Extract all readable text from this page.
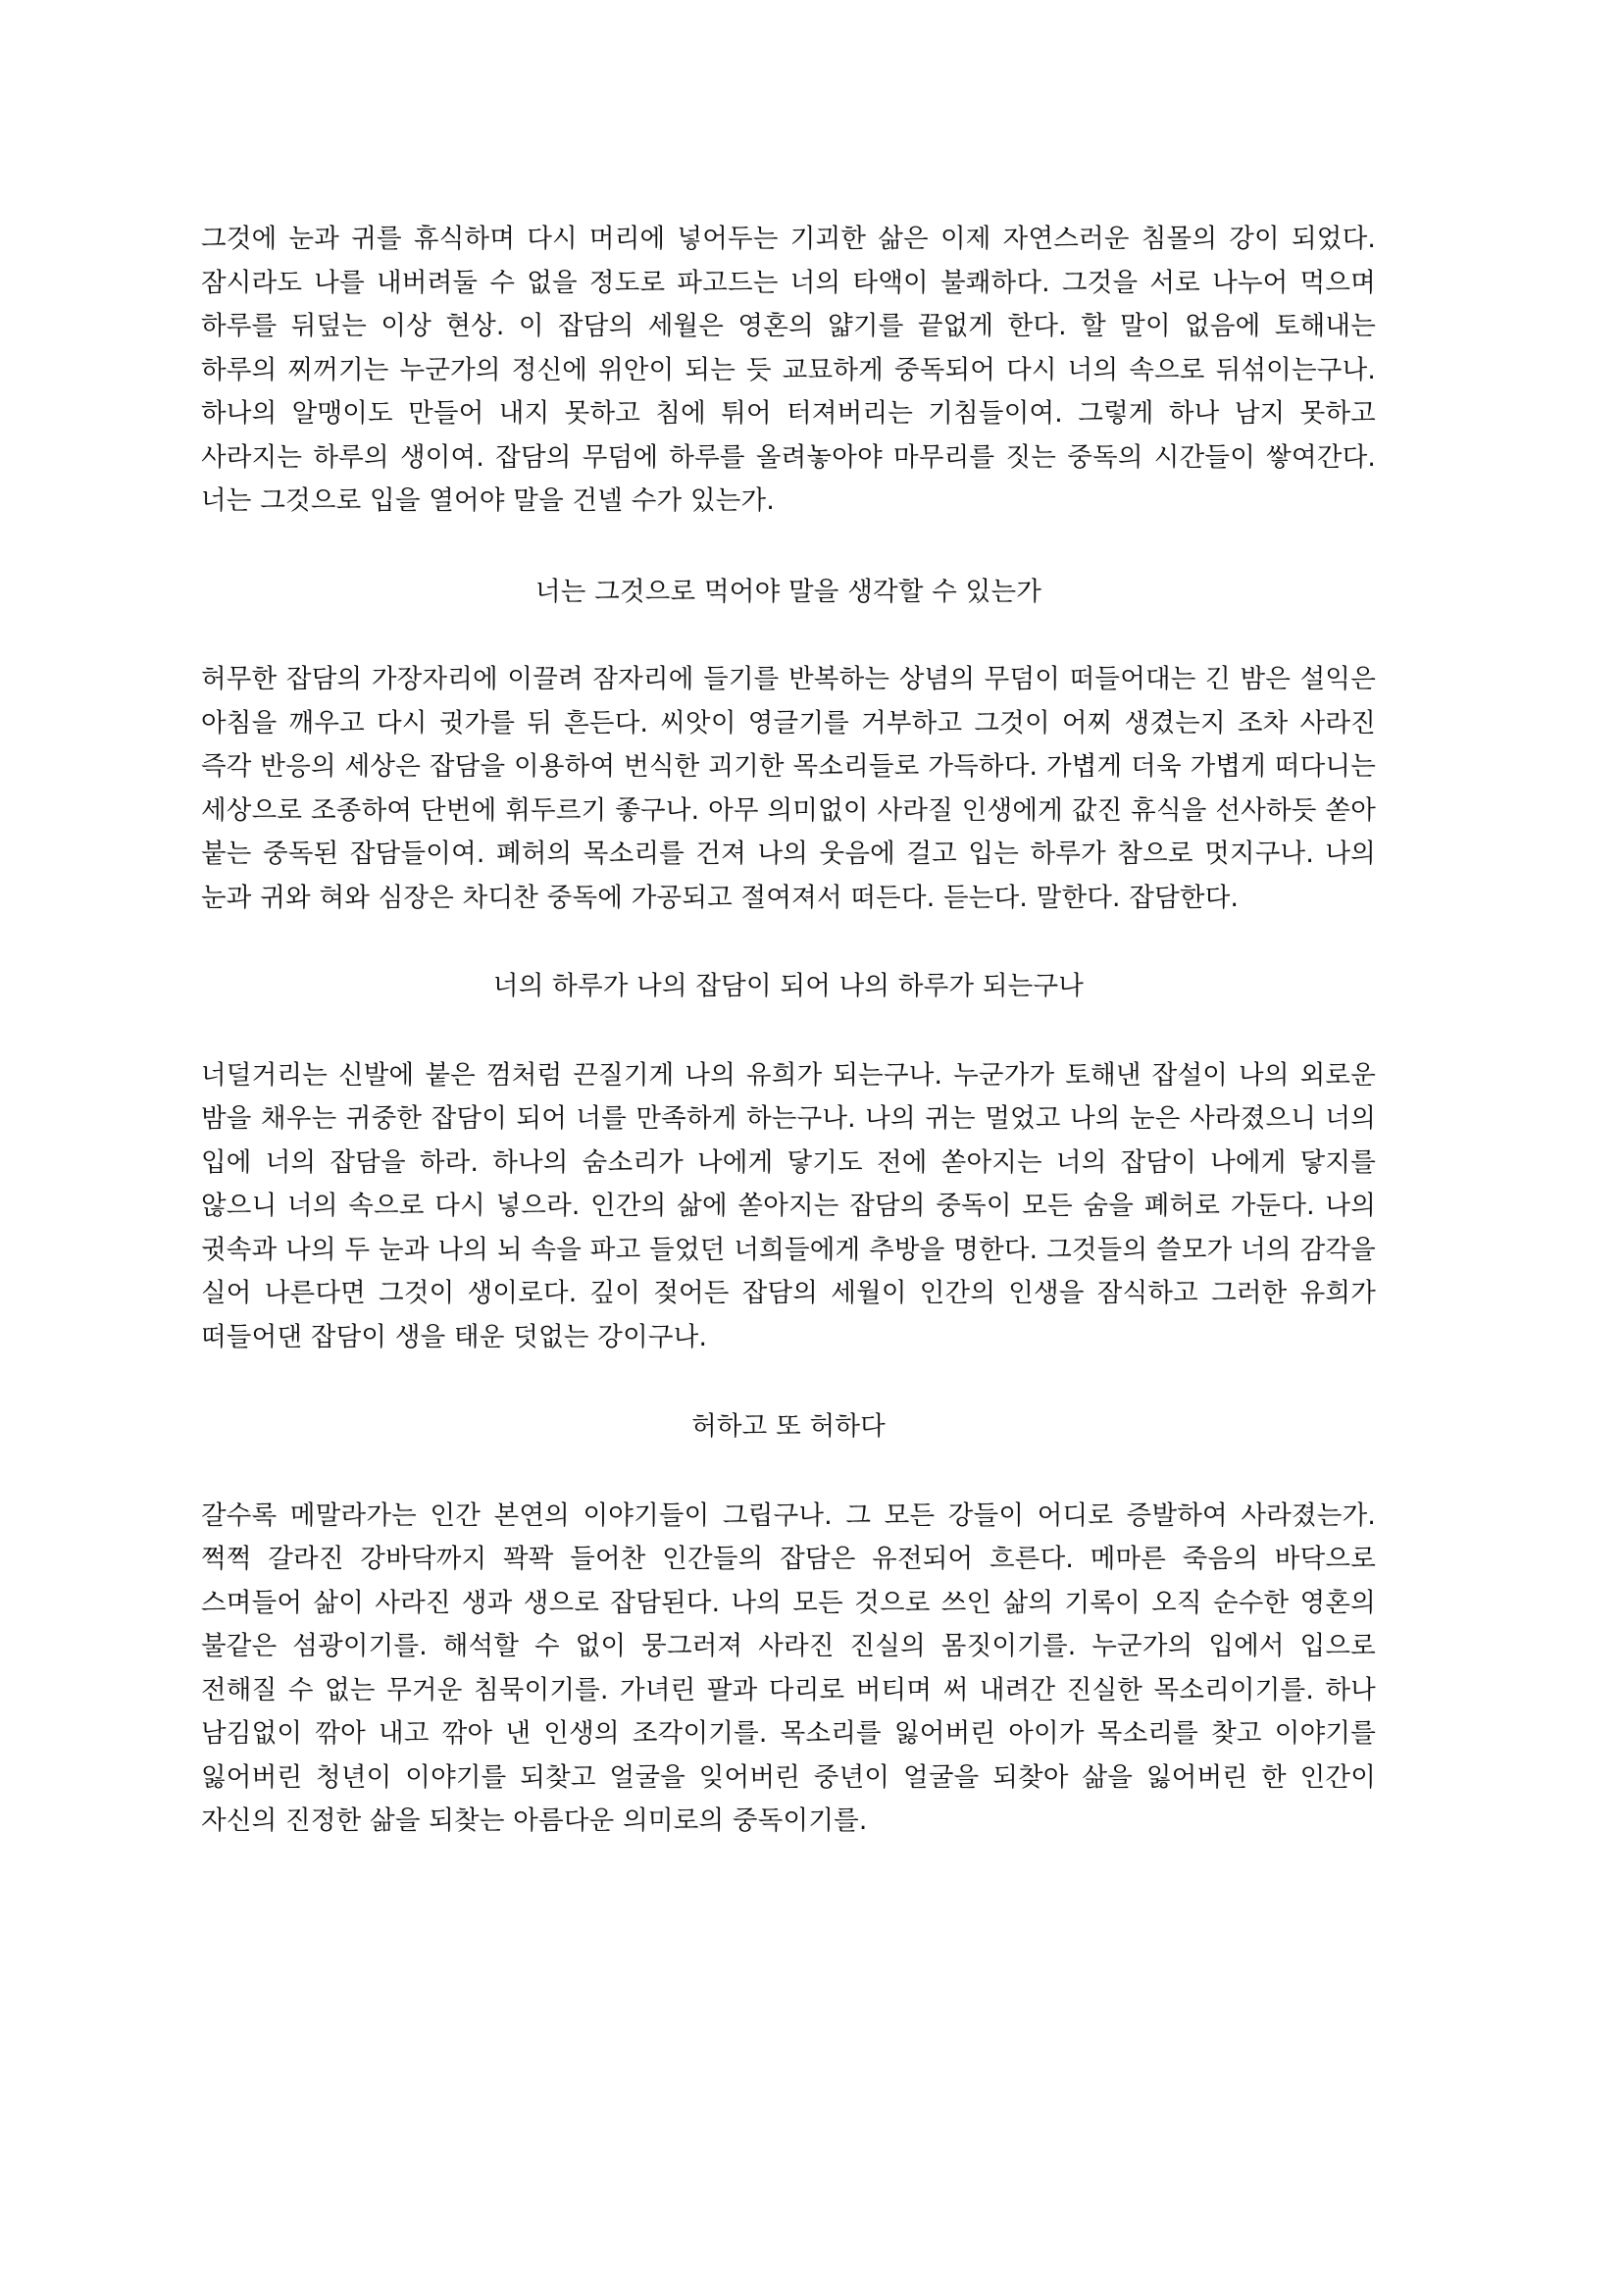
그것에 눈과 귀를 휴식하며 다시 머리에 넣어두는 기괴한 삶은 이제 자연스러운 침몰의 강이 되었다. 잠시라도 나를 내버려둘 수 없을 정도로 파고드는 너의 타액이 불쾌하다. 그것을 서로 나누어 먹으며 하루를 뒤덮는 이상 현상. 이 잡담의 세월은 영혼의 얇기를 끝없게 한다. 할 말이 없음에 토해내는 하루의 찌꺼기는 누군가의 정신에 위안이 되는 듯 교묘하게 중독되어 다시 너의 속으로 뒤섞이는구나. 하나의 알맹이도 만들어 내지 못하고 침에 튀어 터져버리는 기침들이여. 그렇게 하나 남지 못하고 사라지는 하루의 생이여. 잡담의 무덤에 하루를 올려놓아야 마무리를 짓는 중독의 시간들이 쌓여간다. 너는 그것으로 입을 열어야 말을 건넬 수가 있는가.

너는 그것으로 먹어야 말을 생각할 수 있는가

허무한 잡담의 가장자리에 이끌려 잠자리에 들기를 반복하는 상념의 무덤이 떠들어대는 긴 밤은 설익은 아침을 깨우고 다시 귓가를 뒤 흔든다. 씨앗이 영글기를 거부하고 그것이 어찌 생겼는지 조차 사라진 즉각 반응의 세상은 잡담을 이용하여 번식한 괴기한 목소리들로 가득하다. 가볍게 더욱 가볍게 떠다니는 세상으로 조종하여 단번에 휘두르기 좋구나. 아무 의미없이 사라질 인생에게 값진 휴식을 선사하듯 쏟아 붙는 중독된 잡담들이여. 폐허의 목소리를 건져 나의 웃음에 걸고 입는 하루가 참으로 멋지구나. 나의 눈과 귀와 혀와 심장은 차디찬 중독에 가공되고 절여져서 떠든다. 듣는다. 말한다. 잡담한다.

너의 하루가 나의 잡담이 되어 나의 하루가 되는구나

너덜거리는 신발에 붙은 껌처럼 끈질기게 나의 유희가 되는구나. 누군가가 토해낸 잡설이 나의 외로운 밤을 채우는 귀중한 잡담이 되어 너를 만족하게 하는구나. 나의 귀는 멀었고 나의 눈은 사라졌으니 너의 입에 너의 잡담을 하라. 하나의 숨소리가 나에게 닿기도 전에 쏟아지는 너의 잡담이 나에게 닿지를 않으니 너의 속으로 다시 넣으라. 인간의 삶에 쏟아지는 잡담의 중독이 모든 숨을 폐허로 가둔다. 나의 귓속과 나의 두 눈과 나의 뇌 속을 파고 들었던 너희들에게 추방을 명한다. 그것들의 쓸모가 너의 감각을 실어 나른다면 그것이 생이로다. 깊이 젖어든 잡담의 세월이 인간의 인생을 잠식하고 그러한 유희가 떠들어댄 잡담이 생을 태운 덧없는 강이구나.

허하고 또 허하다

갈수록 메말라가는 인간 본연의 이야기들이 그립구나. 그 모든 강들이 어디로 증발하여 사라졌는가. 쩍쩍 갈라진 강바닥까지 꽉꽉 들어찬 인간들의 잡담은 유전되어 흐른다. 메마른 죽음의 바닥으로 스며들어 삶이 사라진 생과 생으로 잡담된다. 나의 모든 것으로 쓰인 삶의 기록이 오직 순수한 영혼의 불같은 섬광이기를. 해석할 수 없이 뭉그러져 사라진 진실의 몸짓이기를. 누군가의 입에서 입으로 전해질 수 없는 무거운 침묵이기를. 가녀린 팔과 다리로 버티며 써 내려간 진실한 목소리이기를. 하나 남김없이 깎아 내고 깎아 낸 인생의 조각이기를. 목소리를 잃어버린 아이가 목소리를 찾고 이야기를 잃어버린 청년이 이야기를 되찾고 얼굴을 잊어버린 중년이 얼굴을 되찾아 삶을 잃어버린 한 인간이 자신의 진정한 삶을 되찾는 아름다운 의미로의 중독이기를.
